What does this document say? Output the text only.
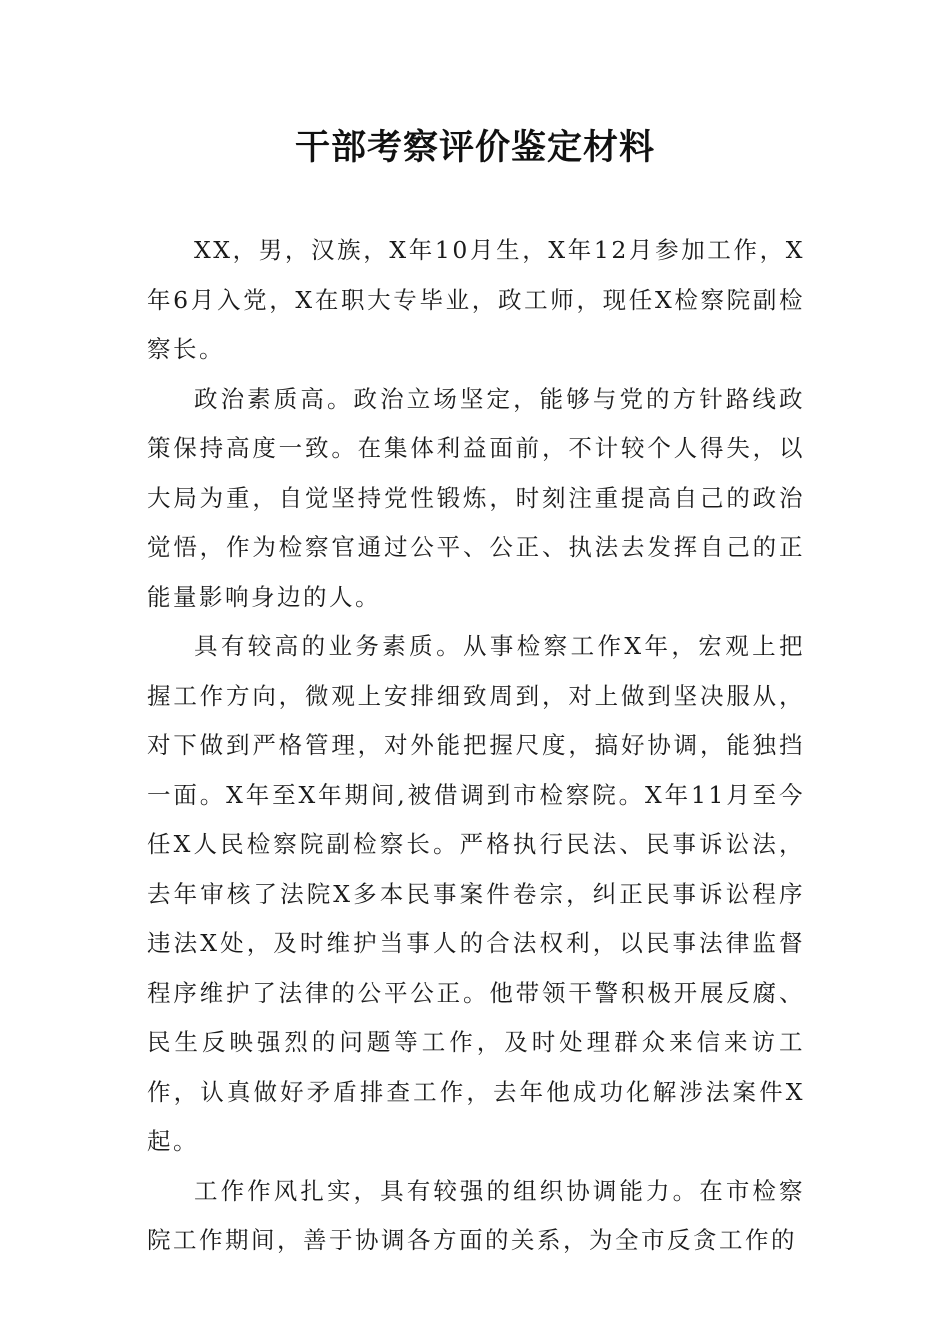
干部考察评价鉴定材料

XX，男，汉族，X年10月生，X年12月参加工作，X年6月入党，X在职大专毕业，政工师，现任X检察院副检察长。

政治素质高。政治立场坚定，能够与党的方针路线政策保持高度一致。在集体利益面前，不计较个人得失，以大局为重，自觉坚持党性锻炼，时刻注重提高自己的政治觉悟，作为检察官通过公平、公正、执法去发挥自己的正能量影响身边的人。

具有较高的业务素质。从事检察工作X年，宏观上把握工作方向，微观上安排细致周到，对上做到坚决服从，对下做到严格管理，对外能把握尺度，搞好协调，能独挡一面。X年至X年期间,被借调到市检察院。X年11月至今任X人民检察院副检察长。严格执行民法、民事诉讼法，去年审核了法院X多本民事案件卷宗，纠正民事诉讼程序违法X处，及时维护当事人的合法权利，以民事法律监督程序维护了法律的公平公正。他带领干警积极开展反腐、民生反映强烈的问题等工作，及时处理群众来信来访工作，认真做好矛盾排查工作，去年他成功化解涉法案件X起。

工作作风扎实，具有较强的组织协调能力。在市检察院工作期间，善于协调各方面的关系，为全市反贪工作的
